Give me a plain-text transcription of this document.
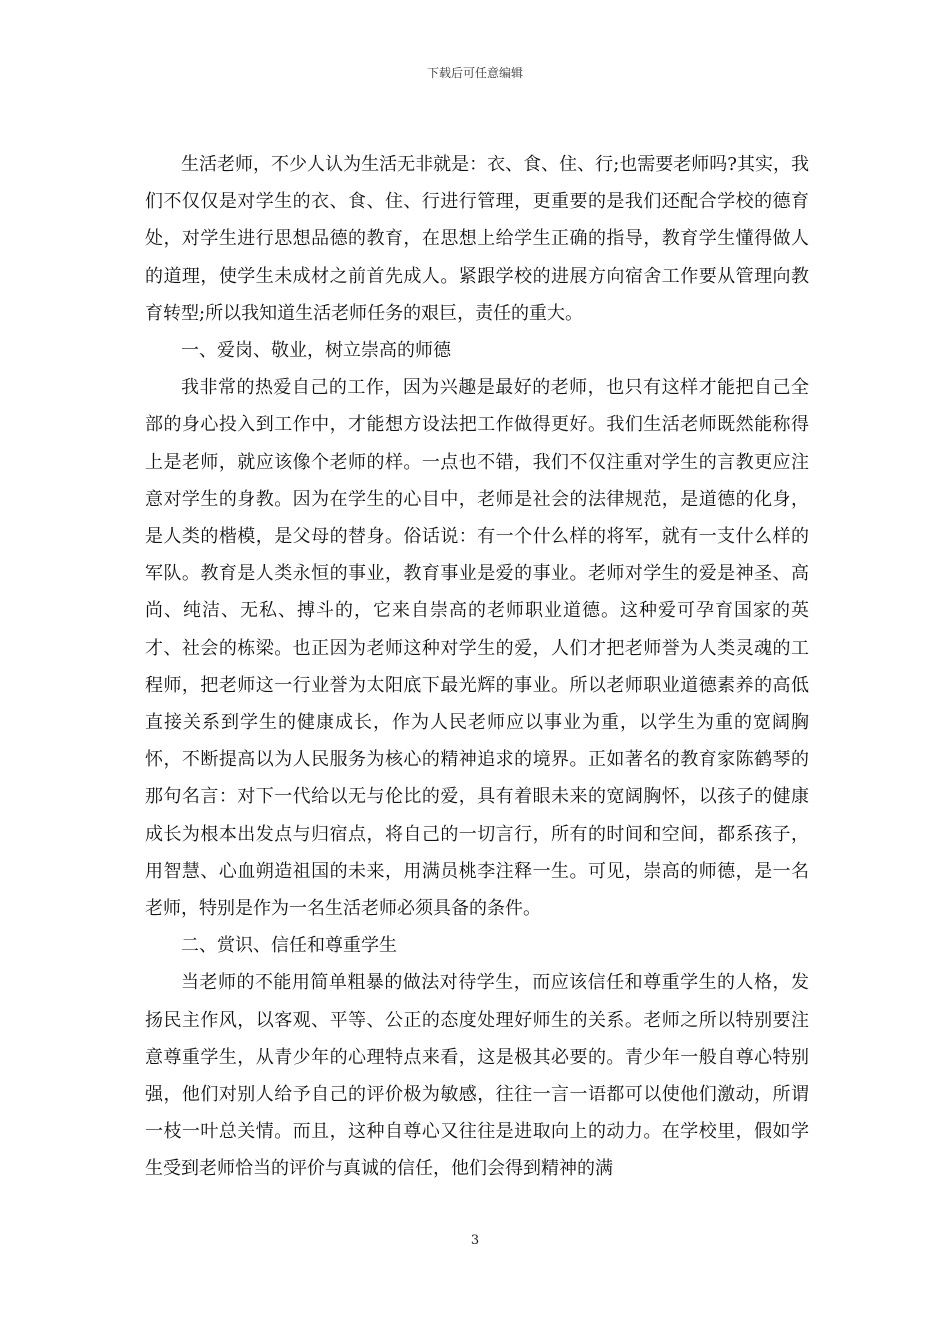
下载后可任意编辑

生活老师，不少人认为生活无非就是：衣、食、住、行;也需要老师吗?其实，我们不仅仅是对学生的衣、食、住、行进行管理，更重要的是我们还配合学校的德育处，对学生进行思想品德的教育，在思想上给学生正确的指导，教育学生懂得做人的道理，使学生未成材之前首先成人。紧跟学校的进展方向宿舍工作要从管理向教育转型;所以我知道生活老师任务的艰巨，责任的重大。

一、爱岗、敬业，树立崇高的师德

我非常的热爱自己的工作，因为兴趣是最好的老师，也只有这样才能把自己全部的身心投入到工作中，才能想方设法把工作做得更好。我们生活老师既然能称得上是老师，就应该像个老师的样。一点也不错，我们不仅注重对学生的言教更应注意对学生的身教。因为在学生的心目中，老师是社会的法律规范，是道德的化身，是人类的楷模，是父母的替身。俗话说：有一个什么样的将军，就有一支什么样的军队。教育是人类永恒的事业，教育事业是爱的事业。老师对学生的爱是神圣、高尚、纯洁、无私、搏斗的，它来自崇高的老师职业道德。这种爱可孕育国家的英才、社会的栋梁。也正因为老师这种对学生的爱，人们才把老师誉为人类灵魂的工程师，把老师这一行业誉为太阳底下最光辉的事业。所以老师职业道德素养的高低直接关系到学生的健康成长，作为人民老师应以事业为重，以学生为重的宽阔胸怀，不断提高以为人民服务为核心的精神追求的境界。正如著名的教育家陈鹤琴的那句名言：对下一代给以无与伦比的爱，具有着眼未来的宽阔胸怀，以孩子的健康成长为根本出发点与归宿点，将自己的一切言行，所有的时间和空间，都系孩子，用智慧、心血朔造祖国的未来，用满员桃李注释一生。可见，崇高的师德，是一名老师，特别是作为一名生活老师必须具备的条件。

二、赏识、信任和尊重学生

当老师的不能用简单粗暴的做法对待学生，而应该信任和尊重学生的人格，发扬民主作风，以客观、平等、公正的态度处理好师生的关系。老师之所以特别要注意尊重学生，从青少年的心理特点来看，这是极其必要的。青少年一般自尊心特别强，他们对别人给予自己的评价极为敏感，往往一言一语都可以使他们激动，所谓一枝一叶总关情。而且，这种自尊心又往往是进取向上的动力。在学校里，假如学生受到老师恰当的评价与真诚的信任，他们会得到精神的满

3
